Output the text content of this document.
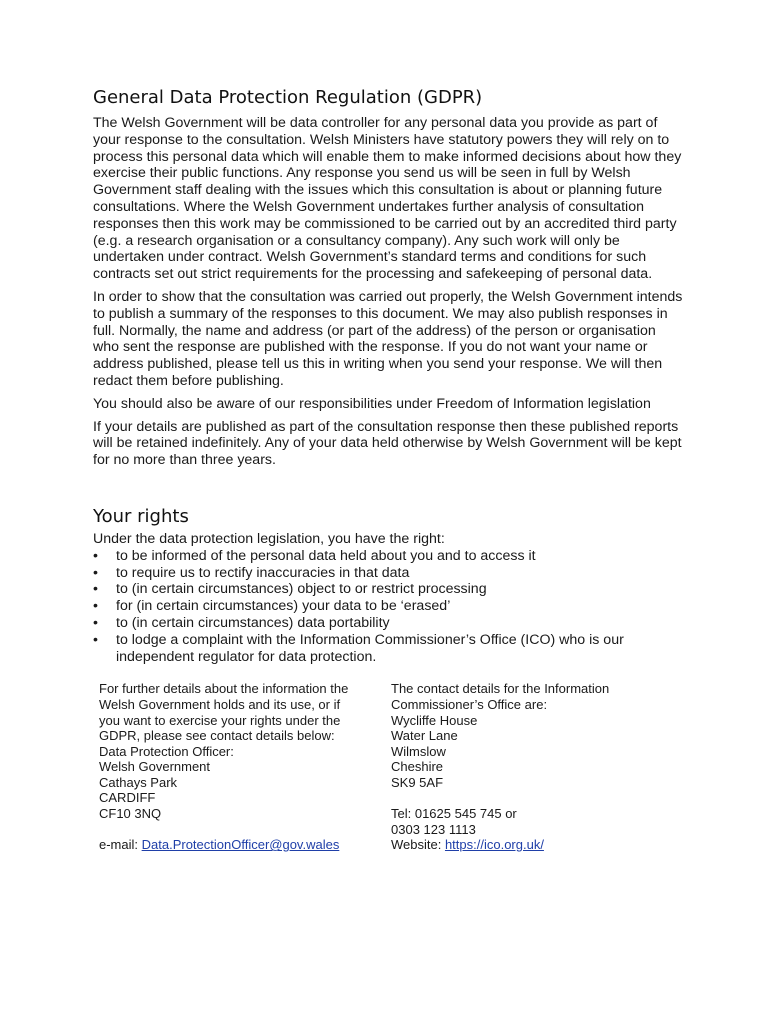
General Data Protection Regulation (GDPR)

The Welsh Government will be data controller for any personal data you provide as part of your response to the consultation. Welsh Ministers have statutory powers they will rely on to process this personal data which will enable them to make informed decisions about how they exercise their public functions. Any response you send us will be seen in full by Welsh Government staff dealing with the issues which this consultation is about or planning future consultations. Where the Welsh Government undertakes further analysis of consultation responses then this work may be commissioned to be carried out by an accredited third party (e.g. a research organisation or a consultancy company). Any such work will only be undertaken under contract. Welsh Government’s standard terms and conditions for such contracts set out strict requirements for the processing and safekeeping of personal data.

In order to show that the consultation was carried out properly, the Welsh Government intends to publish a summary of the responses to this document. We may also publish responses in full. Normally, the name and address (or part of the address) of the person or organisation who sent the response are published with the response. If you do not want your name or address published, please tell us this in writing when you send your response. We will then redact them before publishing.

You should also be aware of our responsibilities under Freedom of Information legislation

If your details are published as part of the consultation response then these published reports will be retained indefinitely. Any of your data held otherwise by Welsh Government will be kept for no more than three years.

Your rights

Under the data protection legislation, you have the right:

• to be informed of the personal data held about you and to access it
• to require us to rectify inaccuracies in that data
• to (in certain circumstances) object to or restrict processing
• for (in certain circumstances) your data to be ‘erased’
• to (in certain circumstances) data portability
• to lodge a complaint with the Information Commissioner’s Office (ICO) who is our independent regulator for data protection.
For further details about the information the
Welsh Government holds and its use, or if
you want to exercise your rights under the
GDPR, please see contact details below:
Data Protection Officer:
Welsh Government
Cathays Park
CARDIFF
CF10 3NQ
e-mail: Data.ProtectionOfficer@gov.wales
The contact details for the Information
Commissioner’s Office are:
Wycliffe House
Water Lane
Wilmslow
Cheshire
SK9 5AF
Tel: 01625 545 745 or
0303 123 1113
Website: https://ico.org.uk/
